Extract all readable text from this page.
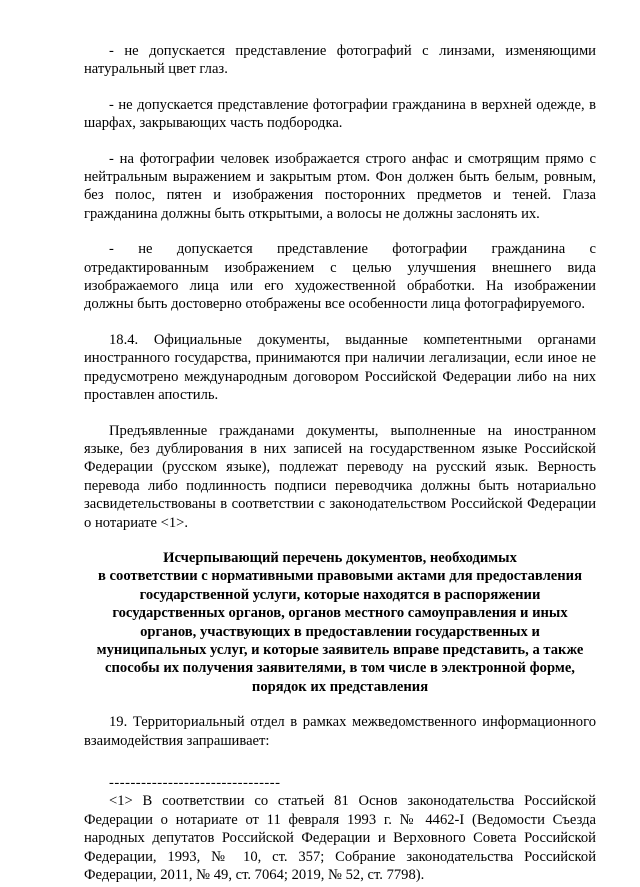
- не допускается представление фотографий с линзами, изменяющими натуральный цвет глаз.

- не допускается представление фотографии гражданина в верхней одежде, в шарфах, закрывающих часть подбородка.

- на фотографии человек изображается строго анфас и смотрящим прямо с нейтральным выражением и закрытым ртом. Фон должен быть белым, ровным, без полос, пятен и изображения посторонних предметов и теней. Глаза гражданина должны быть открытыми, а волосы не должны заслонять их.

- не допускается представление фотографии гражданина с отредактированным изображением с целью улучшения внешнего вида изображаемого лица или его художественной обработки. На изображении должны быть достоверно отображены все особенности лица фотографируемого.

18.4. Официальные документы, выданные компетентными органами иностранного государства, принимаются при наличии легализации, если иное не предусмотрено международным договором Российской Федерации либо на них проставлен апостиль.

Предъявленные гражданами документы, выполненные на иностранном языке, без дублирования в них записей на государственном языке Российской Федерации (русском языке), подлежат переводу на русский язык. Верность перевода либо подлинность подписи переводчика должны быть нотариально засвидетельствованы в соответствии с законодательством Российской Федерации о нотариате <1>.

Исчерпывающий перечень документов, необходимых
в соответствии с нормативными правовыми актами для предоставления
государственной услуги, которые находятся в распоряжении
государственных органов, органов местного самоуправления и иных
органов, участвующих в предоставлении государственных и
муниципальных услуг, и которые заявитель вправе представить, а также
способы их получения заявителями, в том числе в электронной форме,
порядок их представления

19. Территориальный отдел в рамках межведомственного информационного взаимодействия запрашивает:

--------------------------------

<1> В соответствии со статьей 81 Основ законодательства Российской Федерации о нотариате от 11 февраля 1993 г. № 4462-I (Ведомости Съезда народных депутатов Российской Федерации и Верховного Совета Российской Федерации, 1993, № 10, ст. 357; Собрание законодательства Российской Федерации, 2011, № 49, ст. 7064; 2019, № 52, ст. 7798).
